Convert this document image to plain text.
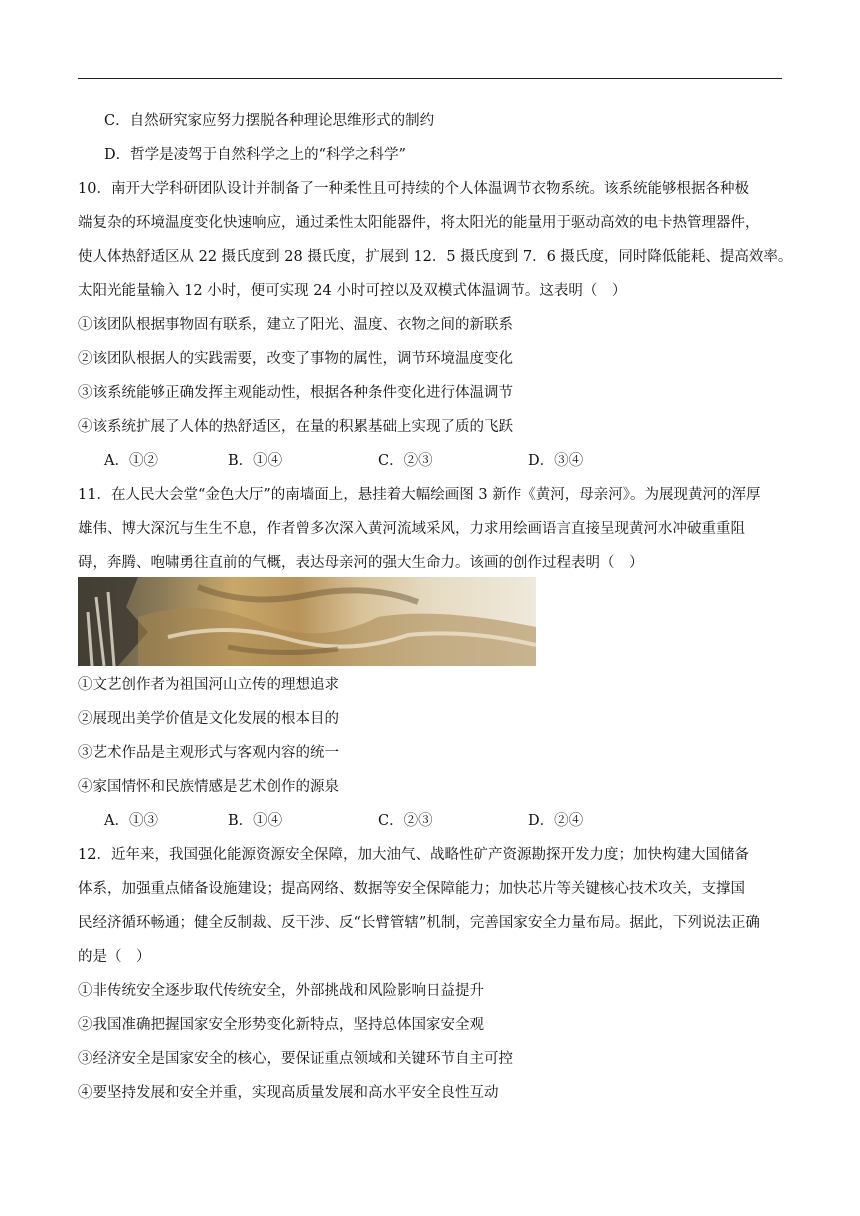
C．自然研究家应努力摆脱各种理论思维形式的制约
D．哲学是凌驾于自然科学之上的“科学之科学”
10．南开大学科研团队设计并制备了一种柔性且可持续的个人体温调节衣物系统。该系统能够根据各种极
端复杂的环境温度变化快速响应，通过柔性太阳能器件，将太阳光的能量用于驱动高效的电卡热管理器件，
使人体热舒适区从 22 摄氏度到 28 摄氏度，扩展到 12．5 摄氏度到 7．6 摄氏度，同时降低能耗、提高效率。
太阳光能量输入 12 小时，便可实现 24 小时可控以及双模式体温调节。这表明（　）
①该团队根据事物固有联系，建立了阳光、温度、衣物之间的新联系
②该团队根据人的实践需要，改变了事物的属性，调节环境温度变化
③该系统能够正确发挥主观能动性，根据各种条件变化进行体温调节
④该系统扩展了人体的热舒适区，在量的积累基础上实现了质的飞跃
A．①②	B．①④	C．②③	D．③④
11．在人民大会堂“金色大厅”的南墙面上，悬挂着大幅绘画图 3 新作《黄河，母亲河》。为展现黄河的浑厚
雄伟、博大深沉与生生不息，作者曾多次深入黄河流域采风，力求用绘画语言直接呈现黄河水冲破重重阻
碍，奔腾、咆啸勇往直前的气概，表达母亲河的强大生命力。该画的创作过程表明（　）
①文艺创作者为祖国河山立传的理想追求
②展现出美学价值是文化发展的根本目的
③艺术作品是主观形式与客观内容的统一
④家国情怀和民族情感是艺术创作的源泉
A．①③	B．①④	C．②③	D．②④
12．近年来，我国强化能源资源安全保障，加大油气、战略性矿产资源勘探开发力度；加快构建大国储备
体系，加强重点储备设施建设；提高网络、数据等安全保障能力；加快芯片等关键核心技术攻关，支撑国
民经济循环畅通；健全反制裁、反干涉、反“长臂管辖”机制，完善国家安全力量布局。据此，下列说法正确
的是（　）
①非传统安全逐步取代传统安全，外部挑战和风险影响日益提升
②我国准确把握国家安全形势变化新特点，坚持总体国家安全观
③经济安全是国家安全的核心，要保证重点领域和关键环节自主可控
④要坚持发展和安全并重，实现高质量发展和高水平安全良性互动
